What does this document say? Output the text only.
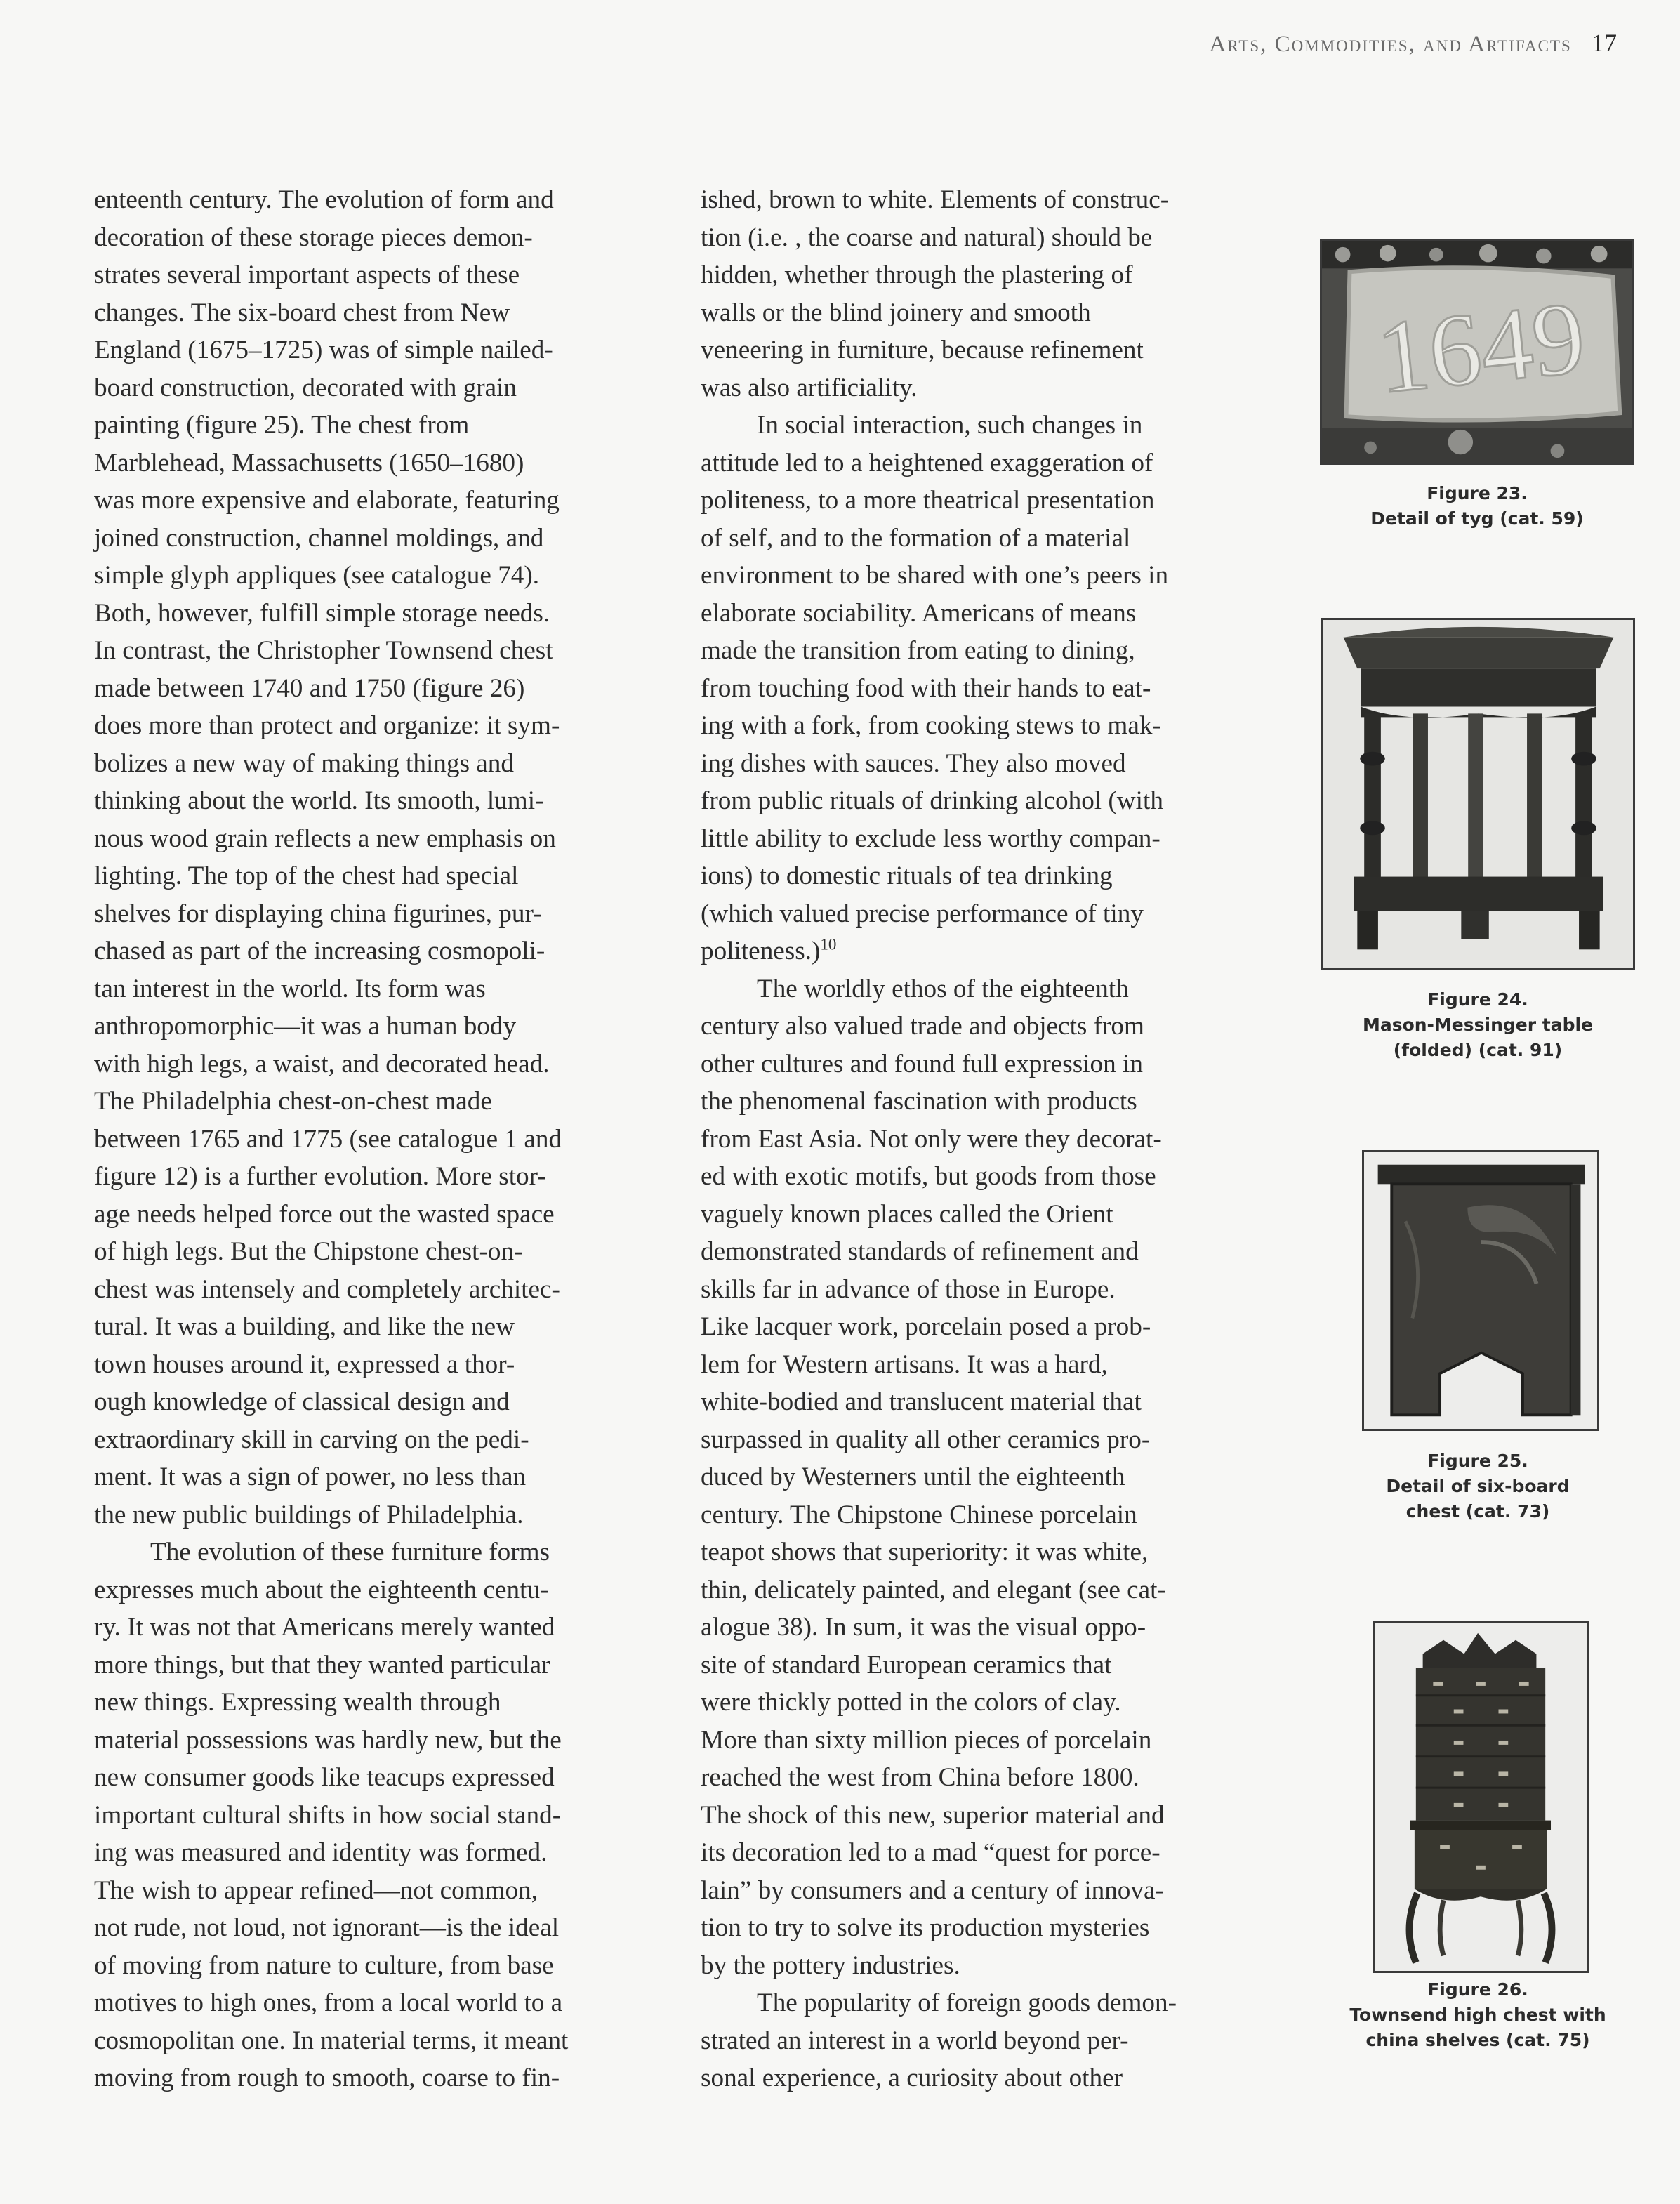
Arts, Commodities, and Artifacts 17

enteenth century. The evolution of form and
decoration of these storage pieces demon-
strates several important aspects of these
changes. The six-board chest from New
England (1675–1725) was of simple nailed-
board construction, decorated with grain
painting (figure 25). The chest from
Marblehead, Massachusetts (1650–1680)
was more expensive and elaborate, featuring
joined construction, channel moldings, and
simple glyph appliques (see catalogue 74).
Both, however, fulfill simple storage needs.
In contrast, the Christopher Townsend chest
made between 1740 and 1750 (figure 26)
does more than protect and organize: it sym-
bolizes a new way of making things and
thinking about the world. Its smooth, lumi-
nous wood grain reflects a new emphasis on
lighting. The top of the chest had special
shelves for displaying china figurines, pur-
chased as part of the increasing cosmopoli-
tan interest in the world. Its form was
anthropomorphic—it was a human body
with high legs, a waist, and decorated head.
The Philadelphia chest-on-chest made
between 1765 and 1775 (see catalogue 1 and
figure 12) is a further evolution. More stor-
age needs helped force out the wasted space
of high legs. But the Chipstone chest-on-
chest was intensely and completely architec-
tural. It was a building, and like the new
town houses around it, expressed a thor-
ough knowledge of classical design and
extraordinary skill in carving on the pedi-
ment. It was a sign of power, no less than
the new public buildings of Philadelphia.

The evolution of these furniture forms
expresses much about the eighteenth centu-
ry. It was not that Americans merely wanted
more things, but that they wanted particular
new things. Expressing wealth through
material possessions was hardly new, but the
new consumer goods like teacups expressed
important cultural shifts in how social stand-
ing was measured and identity was formed.
The wish to appear refined—not common,
not rude, not loud, not ignorant—is the ideal
of moving from nature to culture, from base
motives to high ones, from a local world to a
cosmopolitan one. In material terms, it meant
moving from rough to smooth, coarse to fin-

ished, brown to white. Elements of construc-
tion (i.e. , the coarse and natural) should be
hidden, whether through the plastering of
walls or the blind joinery and smooth
veneering in furniture, because refinement
was also artificiality.

In social interaction, such changes in
attitude led to a heightened exaggeration of
politeness, to a more theatrical presentation
of self, and to the formation of a material
environment to be shared with one’s peers in
elaborate sociability. Americans of means
made the transition from eating to dining,
from touching food with their hands to eat-
ing with a fork, from cooking stews to mak-
ing dishes with sauces. They also moved
from public rituals of drinking alcohol (with
little ability to exclude less worthy compan-
ions) to domestic rituals of tea drinking
(which valued precise performance of tiny
politeness.)$^{10}$

The worldly ethos of the eighteenth
century also valued trade and objects from
other cultures and found full expression in
the phenomenal fascination with products
from East Asia. Not only were they decorat-
ed with exotic motifs, but goods from those
vaguely known places called the Orient
demonstrated standards of refinement and
skills far in advance of those in Europe.
Like lacquer work, porcelain posed a prob-
lem for Western artisans. It was a hard,
white-bodied and translucent material that
surpassed in quality all other ceramics pro-
duced by Westerners until the eighteenth
century. The Chipstone Chinese porcelain
teapot shows that superiority: it was white,
thin, delicately painted, and elegant (see cat-
alogue 38). In sum, it was the visual oppo-
site of standard European ceramics that
were thickly potted in the colors of clay.
More than sixty million pieces of porcelain
reached the west from China before 1800.
The shock of this new, superior material and
its decoration led to a mad “quest for porce-
lain” by consumers and a century of innova-
tion to try to solve its production mysteries
by the pottery industries.

The popularity of foreign goods demon-
strated an interest in a world beyond per-
sonal experience, a curiosity about other

1649
Figure 23.
Detail of tyg (cat. 59)
Figure 24.
Mason-Messinger table
(folded) (cat. 91)
Figure 25.
Detail of six-board
chest (cat. 73)
Figure 26.
Townsend high chest with
china shelves (cat. 75)
